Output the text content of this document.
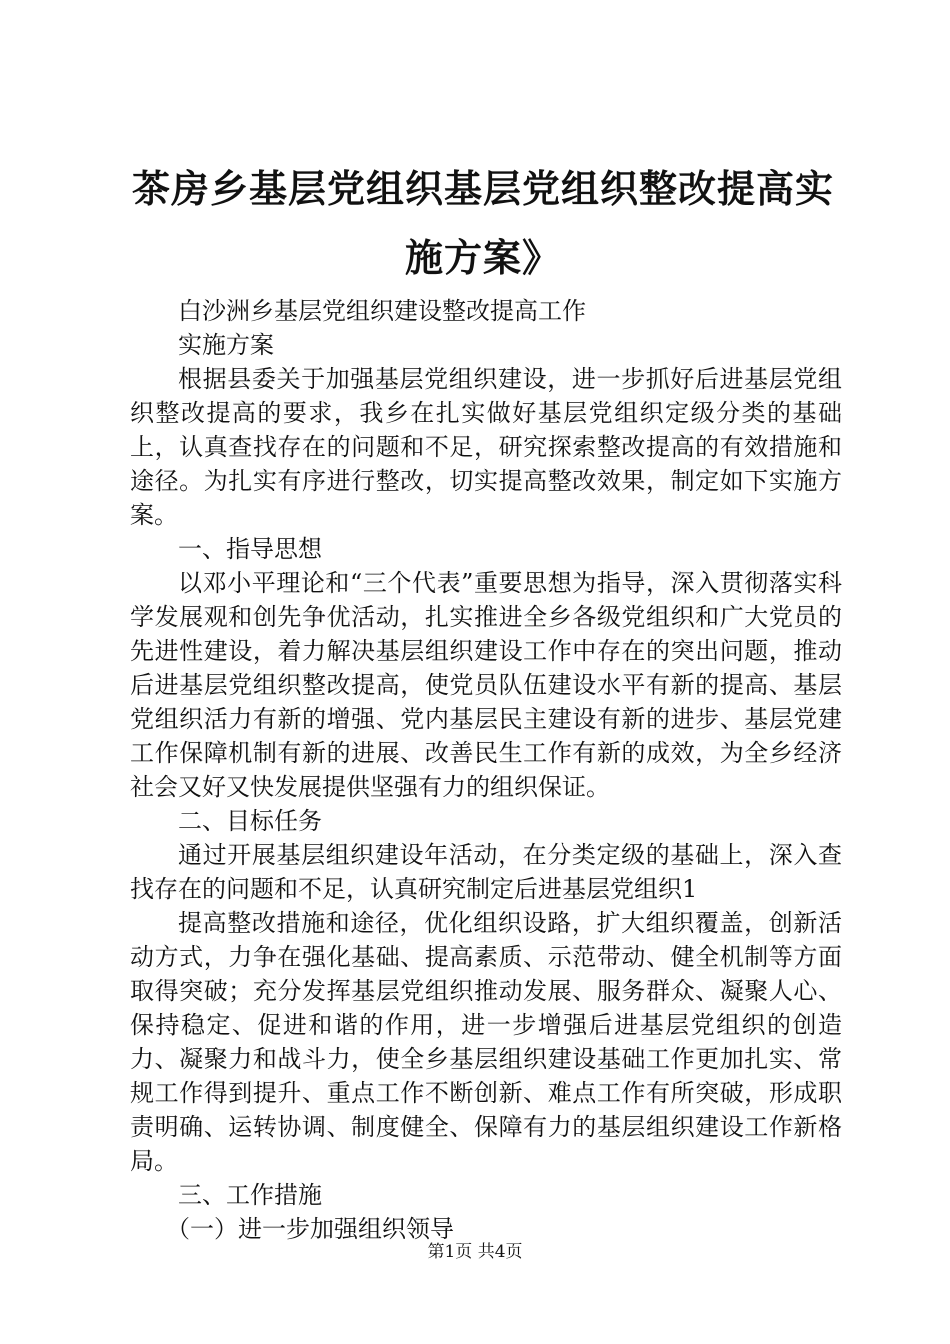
茶房乡基层党组织基层党组织整改提高实施方案》

白沙洲乡基层党组织建设整改提高工作

实施方案

根据县委关于加强基层党组织建设，进一步抓好后进基层党组织整改提高的要求，我乡在扎实做好基层党组织定级分类的基础上，认真查找存在的问题和不足，研究探索整改提高的有效措施和途径。为扎实有序进行整改，切实提高整改效果，制定如下实施方案。

一、指导思想

以邓小平理论和“三个代表”重要思想为指导，深入贯彻落实科学发展观和创先争优活动，扎实推进全乡各级党组织和广大党员的先进性建设，着力解决基层组织建设工作中存在的突出问题，推动后进基层党组织整改提高，使党员队伍建设水平有新的提高、基层党组织活力有新的增强、党内基层民主建设有新的进步、基层党建工作保障机制有新的进展、改善民生工作有新的成效，为全乡经济社会又好又快发展提供坚强有力的组织保证。

二、目标任务

通过开展基层组织建设年活动，在分类定级的基础上，深入查找存在的问题和不足，认真研究制定后进基层党组织1

提高整改措施和途径，优化组织设路，扩大组织覆盖，创新活动方式，力争在强化基础、提高素质、示范带动、健全机制等方面取得突破；充分发挥基层党组织推动发展、服务群众、凝聚人心、保持稳定、促进和谐的作用，进一步增强后进基层党组织的创造力、凝聚力和战斗力，使全乡基层组织建设基础工作更加扎实、常规工作得到提升、重点工作不断创新、难点工作有所突破，形成职责明确、运转协调、制度健全、保障有力的基层组织建设工作新格局。

三、工作措施

（一）进一步加强组织领导

第1页 共4页
